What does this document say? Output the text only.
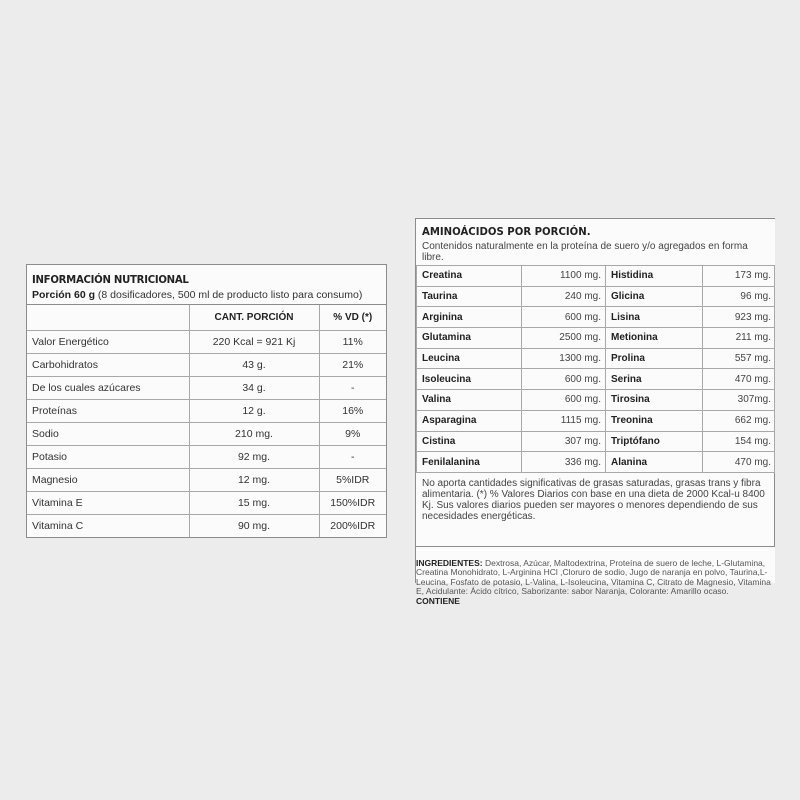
INFORMACIÓN NUTRICIONAL
Porción 60 g (8 dosificadores, 500 ml de producto listo para consumo)
	CANT. PORCIÓN	% VD (*)
Valor Energético	220 Kcal = 921 Kj	11%
Carbohidratos	43 g.	21%
De los cuales azúcares	34 g.	-
Proteínas	12 g.	16%
Sodio	210 mg.	9%
Potasio	92 mg.	-
Magnesio	12 mg.	5%IDR
Vitamina E	15 mg.	150%IDR
Vitamina C	90 mg.	200%IDR
AMINOÁCIDOS POR PORCIÓN.
Contenidos naturalmente en la proteína de suero y/o agregados en forma libre.
Creatina	1100 mg.	Histidina	173 mg.
Taurina	240 mg.	Glicina	96 mg.
Arginina	600 mg.	Lisina	923 mg.
Glutamina	2500 mg.	Metionina	211 mg.
Leucina	1300 mg.	Prolina	557 mg.
Isoleucina	600 mg.	Serina	470 mg.
Valina	600 mg.	Tirosina	307mg.
Asparagina	1115 mg.	Treonina	662 mg.
Cistina	307 mg.	Triptófano	154 mg.
Fenilalanina	336 mg.	Alanina	470 mg.
No aporta cantidades significativas de grasas saturadas, grasas trans y fibra alimentaria. (*) % Valores Diarios con base en una dieta de 2000 Kcal-u 8400 Kj. Sus valores diarios pueden ser mayores o menores dependiendo de sus necesidades energéticas.
INGREDIENTES: Dextrosa, Azúcar, Maltodextrina, Proteína de suero de leche, L-Glutamina, Creatina Monohidrato, L-Arginina HCl ,Cloruro de sodio, Jugo de naranja en polvo, Taurina,L-Leucina, Fosfato de potasio, L-Valina, L-Isoleucina, Vitamina C, Citrato de Magnesio, Vitamina E, Acidulante: Ácido cítrico, Saborizante: sabor Naranja, Colorante: Amarillo ocaso. CONTIENE
